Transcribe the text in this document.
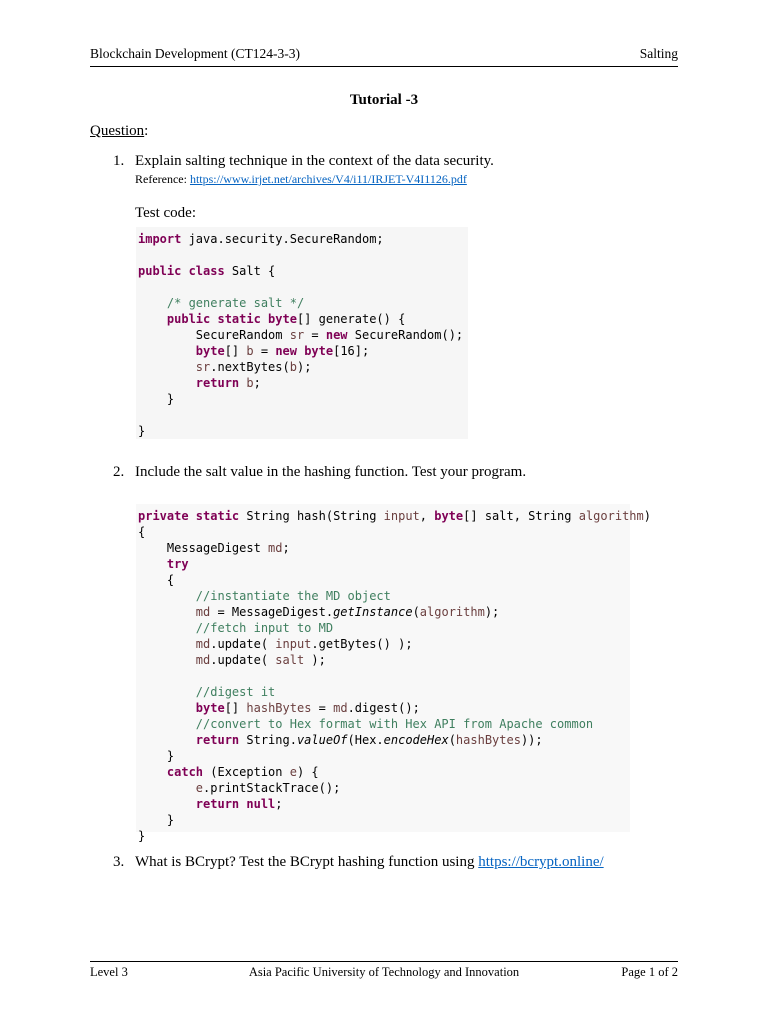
Blockchain Development (CT124-3-3)	Salting
Tutorial -3
Question:
1. Explain salting technique in the context of the data security.
Reference: https://www.irjet.net/archives/V4/i11/IRJET-V4I1126.pdf
Test code:
import java.security.SecureRandom;
public class Salt {
/* generate salt */
public static byte[] generate() {
SecureRandom sr = new SecureRandom();
byte[] b = new byte[16];
sr.nextBytes(b);
return b;
}
}
2. Include the salt value in the hashing function. Test your program.
private static String hash(String input, byte[] salt, String algorithm)
{
MessageDigest md;
try
{
//instantiate the MD object
md = MessageDigest.getInstance(algorithm);
//fetch input to MD
md.update( input.getBytes() );
md.update( salt );
//digest it
byte[] hashBytes = md.digest();
//convert to Hex format with Hex API from Apache common
return String.valueOf(Hex.encodeHex(hashBytes));
}
catch (Exception e) {
e.printStackTrace();
return null;
}
}
3. What is BCrypt? Test the BCrypt hashing function using https://bcrypt.online/
Level 3	Asia Pacific University of Technology and Innovation	Page 1 of 2
